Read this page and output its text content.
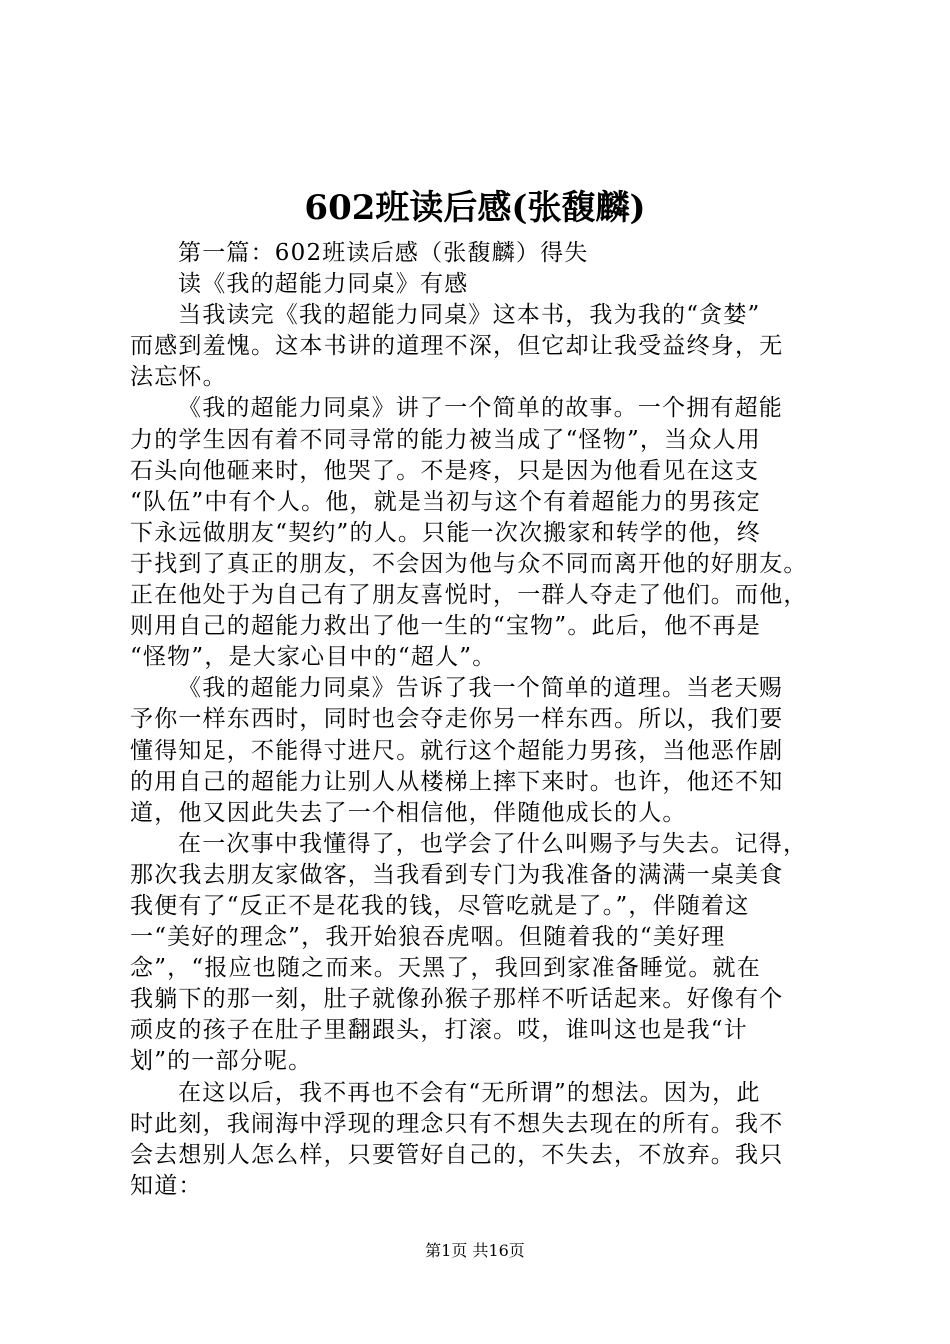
602班读后感(张馥麟)

第一篇：602班读后感（张馥麟）得失

读《我的超能力同桌》有感

当我读完《我的超能力同桌》这本书，我为我的“贪婪”

而感到羞愧。这本书讲的道理不深，但它却让我受益终身，无

法忘怀。

《我的超能力同桌》讲了一个简单的故事。一个拥有超能

力的学生因有着不同寻常的能力被当成了“怪物”，当众人用

石头向他砸来时，他哭了。不是疼，只是因为他看见在这支

“队伍”中有个人。他，就是当初与这个有着超能力的男孩定

下永远做朋友“契约”的人。只能一次次搬家和转学的他，终

于找到了真正的朋友，不会因为他与众不同而离开他的好朋友。

正在他处于为自己有了朋友喜悦时，一群人夺走了他们。而他，

则用自己的超能力救出了他一生的“宝物”。此后，他不再是

“怪物”，是大家心目中的“超人”。

《我的超能力同桌》告诉了我一个简单的道理。当老天赐

予你一样东西时，同时也会夺走你另一样东西。所以，我们要

懂得知足，不能得寸进尺。就行这个超能力男孩，当他恶作剧

的用自己的超能力让别人从楼梯上摔下来时。也许，他还不知

道，他又因此失去了一个相信他，伴随他成长的人。

在一次事中我懂得了，也学会了什么叫赐予与失去。记得，

那次我去朋友家做客，当我看到专门为我准备的满满一桌美食

我便有了“反正不是花我的钱，尽管吃就是了。”，伴随着这

一“美好的理念”，我开始狼吞虎咽。但随着我的“美好理

念”，“报应也随之而来。天黑了，我回到家准备睡觉。就在

我躺下的那一刻，肚子就像孙猴子那样不听话起来。好像有个

顽皮的孩子在肚子里翻跟头，打滚。哎，谁叫这也是我“计

划”的一部分呢。

在这以后，我不再也不会有“无所谓”的想法。因为，此

时此刻，我闹海中浮现的理念只有不想失去现在的所有。我不

会去想别人怎么样，只要管好自己的，不失去，不放弃。我只

知道：

第1页 共16页
